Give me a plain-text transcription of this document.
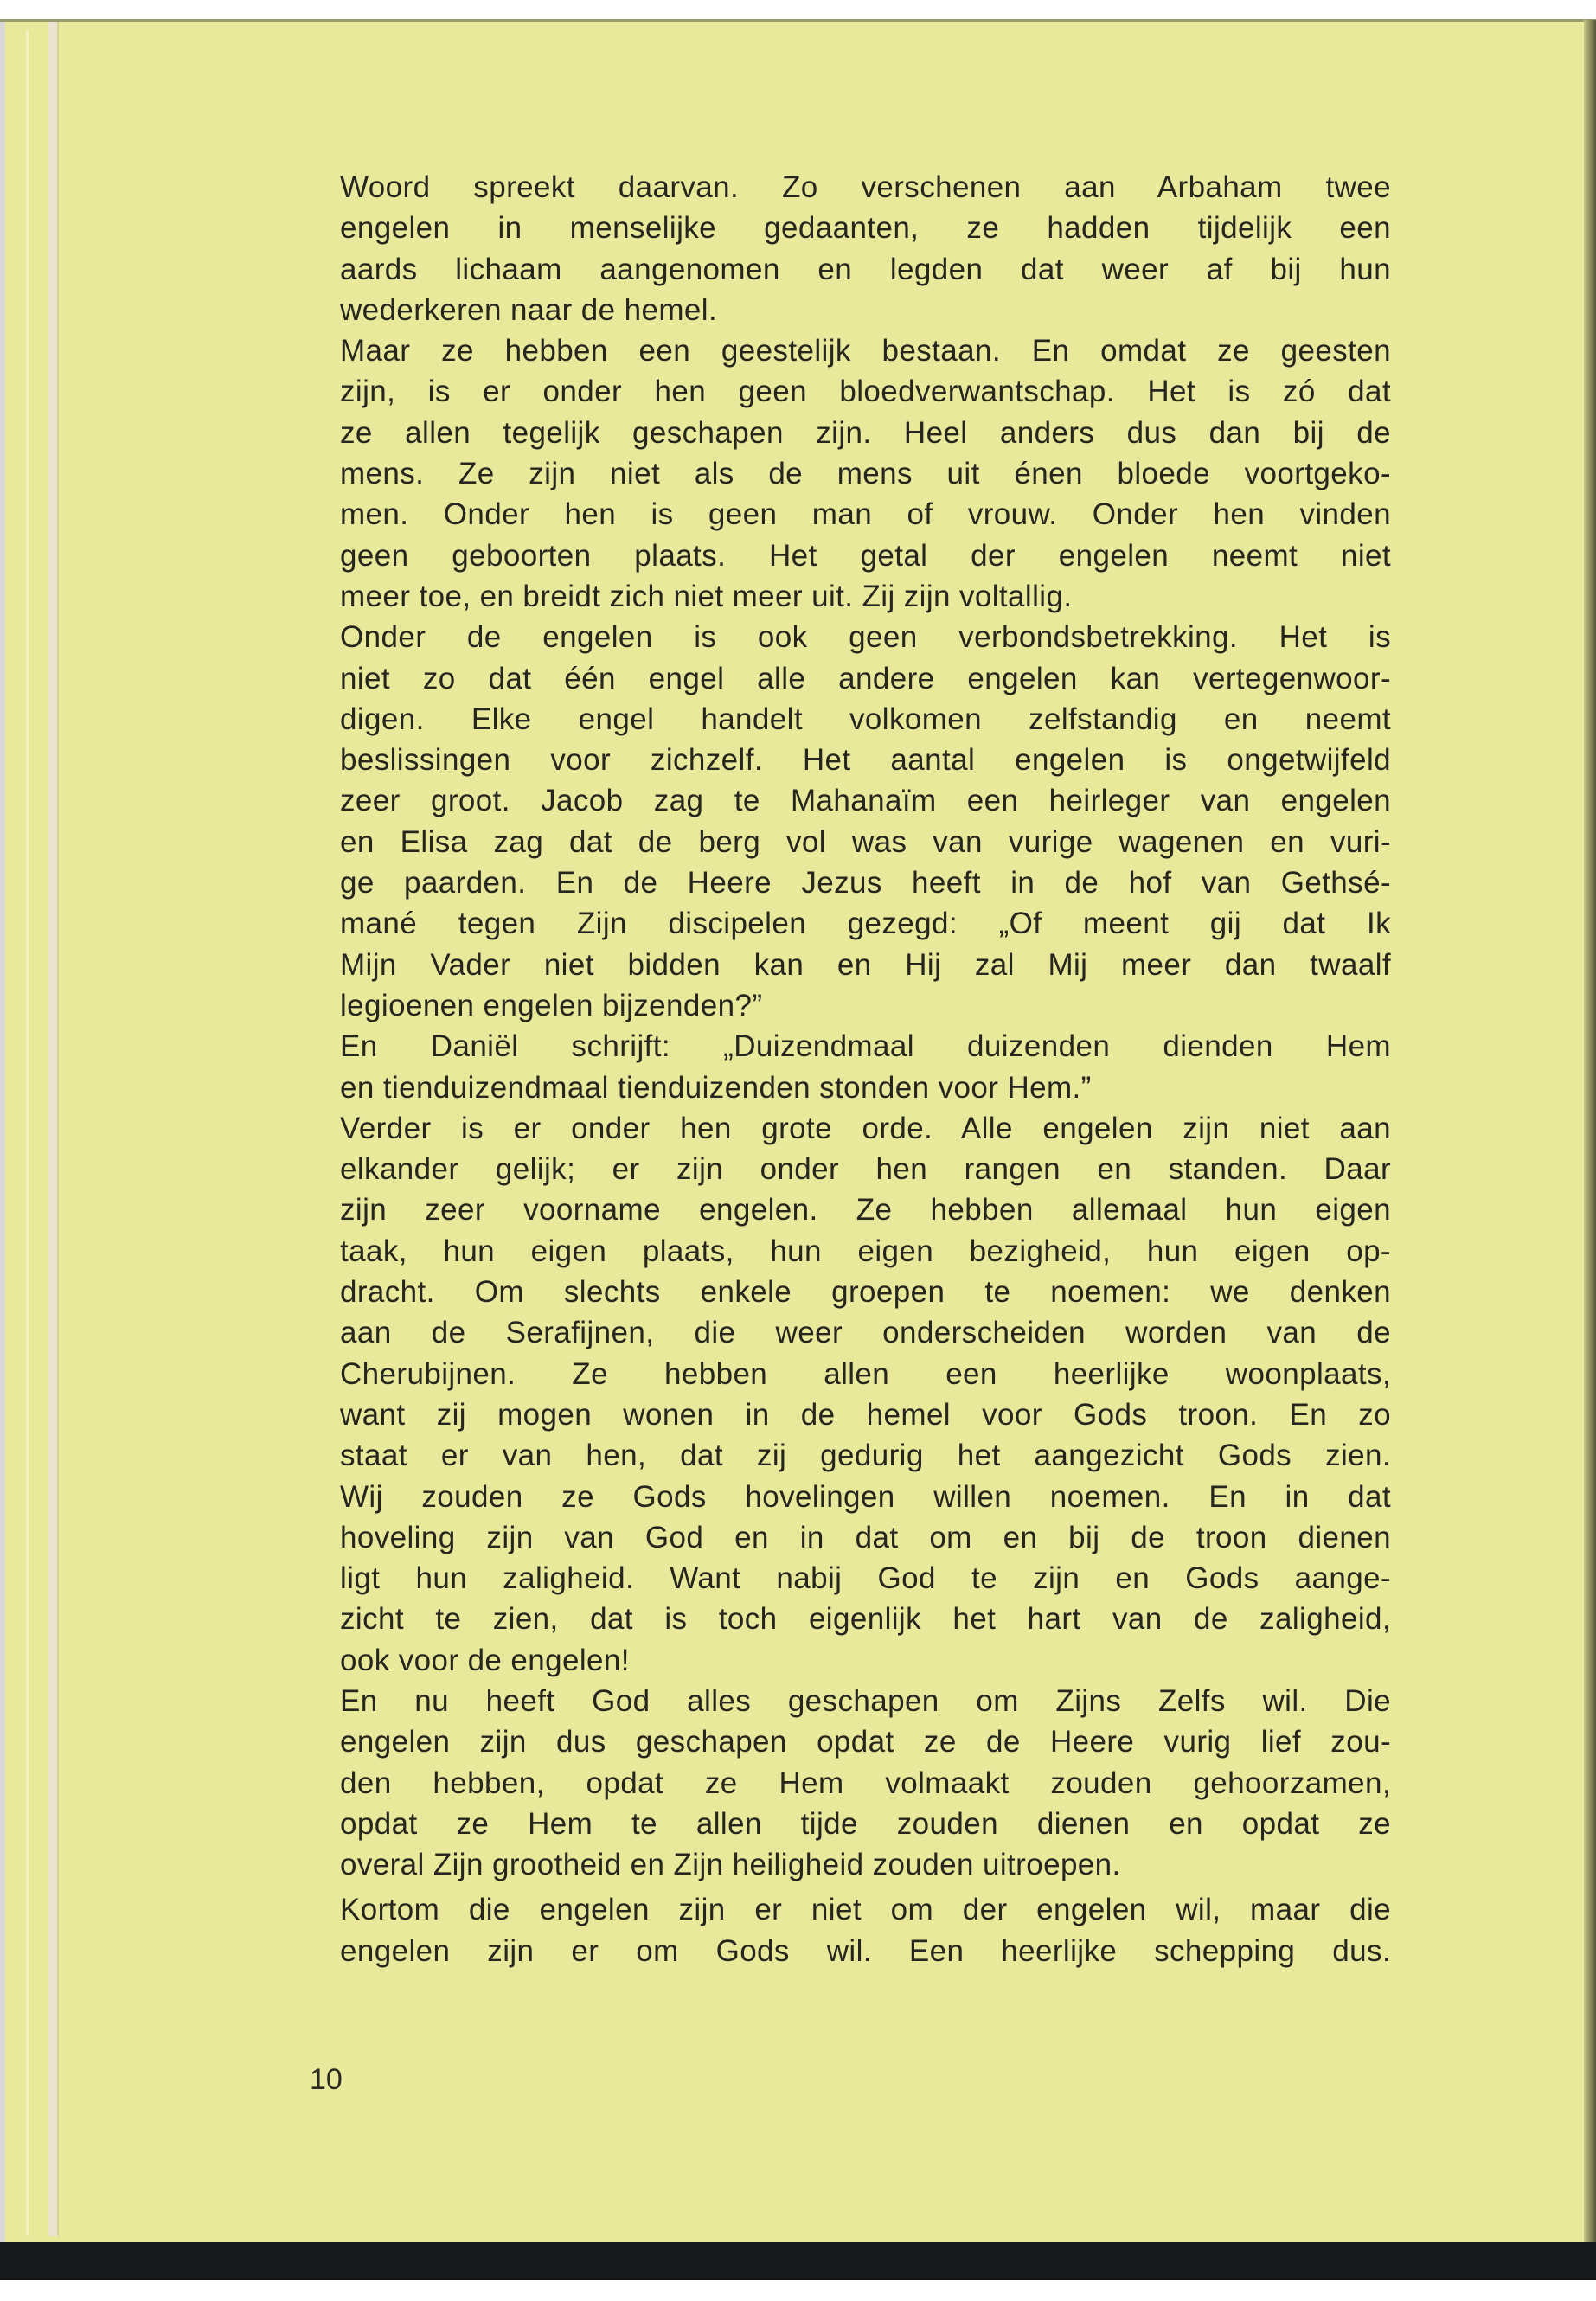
Woord spreekt daarvan. Zo verschenen aan Arbaham twee
engelen in menselijke gedaanten, ze hadden tijdelijk een
aards lichaam aangenomen en legden dat weer af bij hun
wederkeren naar de hemel.
Maar ze hebben een geestelijk bestaan. En omdat ze geesten
zijn, is er onder hen geen bloedverwantschap. Het is zó dat
ze allen tegelijk geschapen zijn. Heel anders dus dan bij de
mens. Ze zijn niet als de mens uit énen bloede voortgeko-
men. Onder hen is geen man of vrouw. Onder hen vinden
geen geboorten plaats. Het getal der engelen neemt niet
meer toe, en breidt zich niet meer uit. Zij zijn voltallig.
Onder de engelen is ook geen verbondsbetrekking. Het is
niet zo dat één engel alle andere engelen kan vertegenwoor-
digen. Elke engel handelt volkomen zelfstandig en neemt
beslissingen voor zichzelf. Het aantal engelen is ongetwijfeld
zeer groot. Jacob zag te Mahanaïm een heirleger van engelen
en Elisa zag dat de berg vol was van vurige wagenen en vuri-
ge paarden. En de Heere Jezus heeft in de hof van Gethsé-
mané tegen Zijn discipelen gezegd: „Of meent gij dat Ik
Mijn Vader niet bidden kan en Hij zal Mij meer dan twaalf
legioenen engelen bijzenden?”
En Daniël schrijft: „Duizendmaal duizenden dienden Hem
en tienduizendmaal tienduizenden stonden voor Hem.”
Verder is er onder hen grote orde. Alle engelen zijn niet aan
elkander gelijk; er zijn onder hen rangen en standen. Daar
zijn zeer voorname engelen. Ze hebben allemaal hun eigen
taak, hun eigen plaats, hun eigen bezigheid, hun eigen op-
dracht. Om slechts enkele groepen te noemen: we denken
aan de Serafijnen, die weer onderscheiden worden van de
Cherubijnen. Ze hebben allen een heerlijke woonplaats,
want zij mogen wonen in de hemel voor Gods troon. En zo
staat er van hen, dat zij gedurig het aangezicht Gods zien.
Wij zouden ze Gods hovelingen willen noemen. En in dat
hoveling zijn van God en in dat om en bij de troon dienen
ligt hun zaligheid. Want nabij God te zijn en Gods aange-
zicht te zien, dat is toch eigenlijk het hart van de zaligheid,
ook voor de engelen!
En nu heeft God alles geschapen om Zijns Zelfs wil. Die
engelen zijn dus geschapen opdat ze de Heere vurig lief zou-
den hebben, opdat ze Hem volmaakt zouden gehoorzamen,
opdat ze Hem te allen tijde zouden dienen en opdat ze
overal Zijn grootheid en Zijn heiligheid zouden uitroepen.
Kortom die engelen zijn er niet om der engelen wil, maar die
engelen zijn er om Gods wil. Een heerlijke schepping dus.
10
